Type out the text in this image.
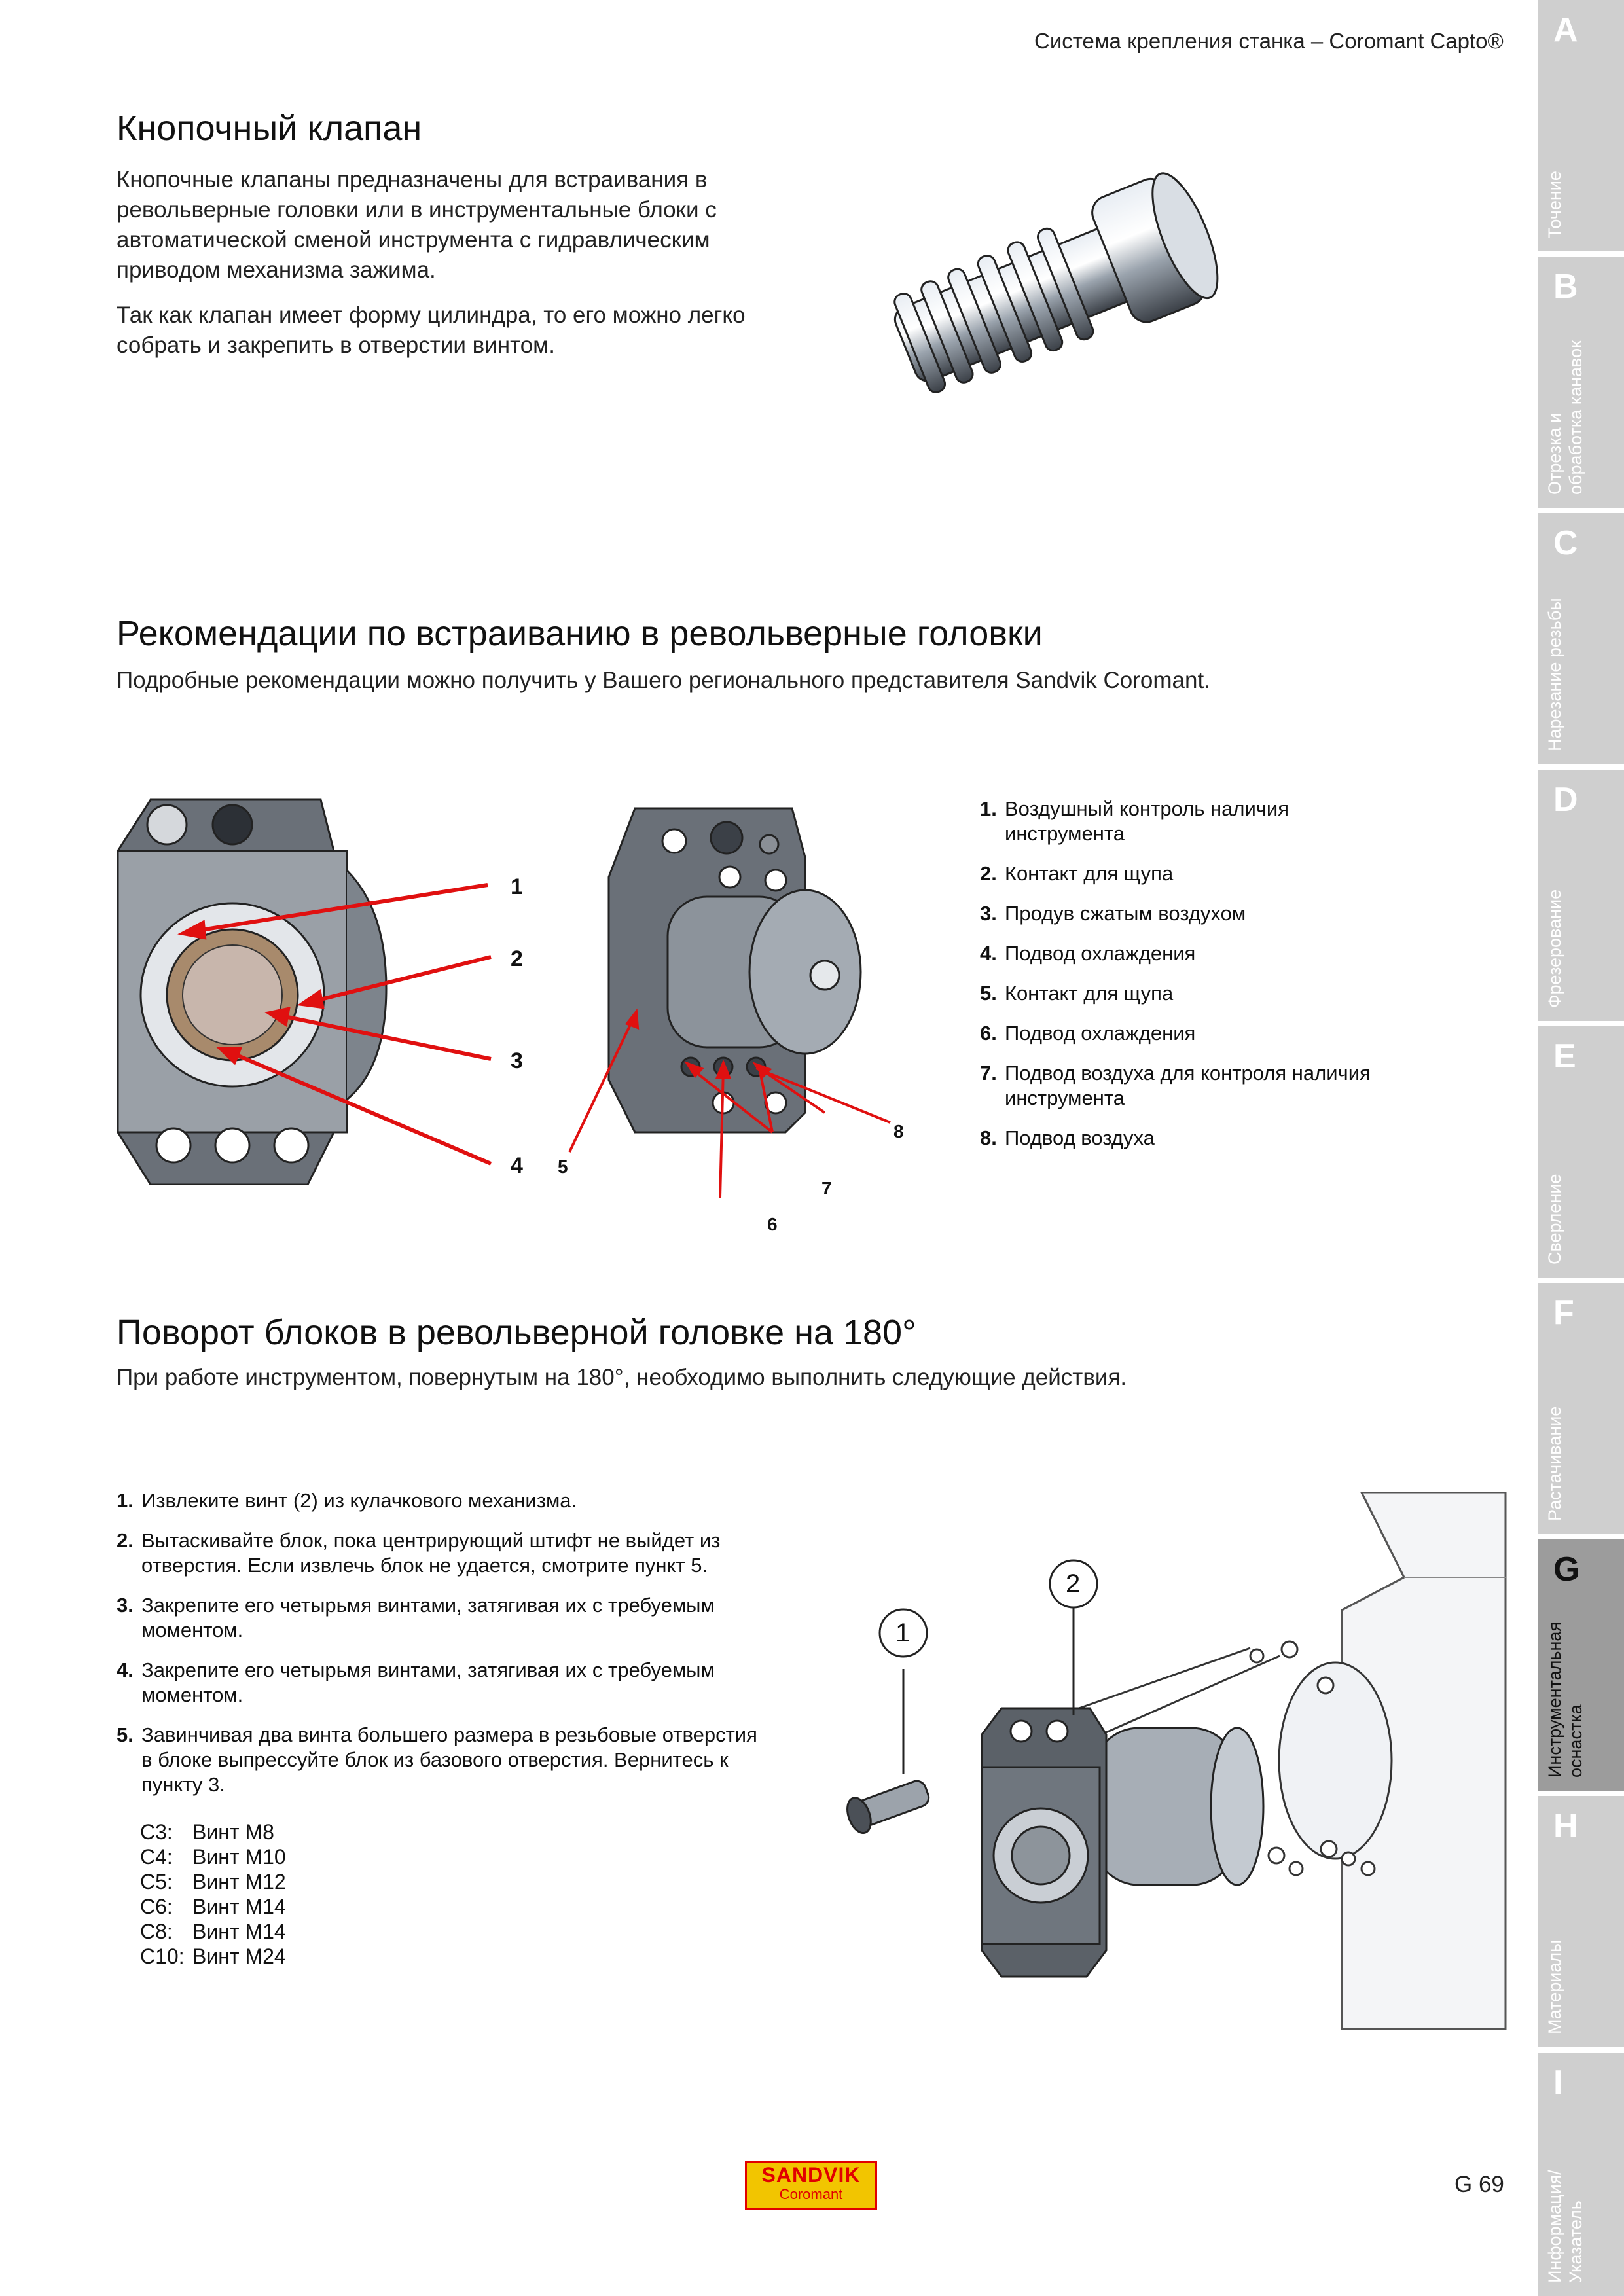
Система крепления станка – Coromant Capto®
Кнопочный клапан
Кнопочные клапаны предназначены для встраивания в
револьверные головки или в инструментальные блоки с
автоматической сменой инструмента с гидравлическим
приводом механизма зажима.
Так как клапан имеет форму цилиндра, то его можно легко
собрать и закрепить в отверстии винтом.
Рекомендации по встраиванию в револьверные головки
Подробные рекомендации можно получить у Вашего регионального представителя Sandvik Coromant.
1
2
3
4 5
6
7
8
1. Воздушный контроль наличия
инструмента
2. Контакт для щупа
3. Продув сжатым воздухом
4. Подвод охлаждения
5. Контакт для щупа
6. Подвод охлаждения
7. Подвод воздуха для контроля наличия
инструмента
8. Подвод воздуха
Поворот блоков в револьверной головке на 180°
При работе инструментом, повернутым на 180°, необходимо выполнить следующие действия.
1. Извлеките винт (2) из кулачкового механизма.
2. Вытаскивайте блок, пока центрирующий штифт не выйдет из
отверстия. Если извлечь блок не удается, смотрите пункт 5.
3. Закрепите его четырьмя винтами, затягивая их с требуемым
моментом.
4. Закрепите его четырьмя винтами, затягивая их с требуемым
моментом.
5. Завинчивая два винта большего размера в резьбовые отверстия
в блоке выпрессуйте блок из базового отверстия. Вернитесь к
пункту 3.
C3: Винт M8
C4: Винт M10
C5: Винт M12
C6: Винт M14
C8: Винт M14
C10: Винт M24
1
2
A
Точение
B
Отрезка и
обработка канавок
C
Нарезание резьбы
D
Фрезерование
E
Сверление
F
Растачивание
G
Инструментальная
оснастка
H
Материалы
I
Информация/
Указатель
SANDVIK
Coromant	G 69
